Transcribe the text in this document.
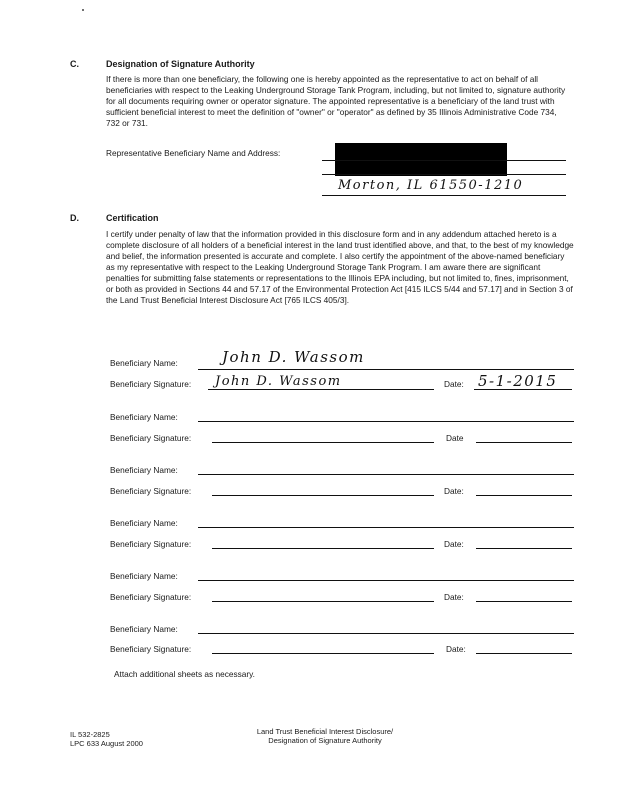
C.	Designation of Signature Authority
If there is more than one beneficiary, the following one is hereby appointed as the representative to act on behalf of all beneficiaries with respect to the Leaking Underground Storage Tank Program, including, but not limited to, signature authority for all documents requiring owner or operator signature. The appointed representative is a beneficiary of the land trust with sufficient beneficial interest to meet the definition of "owner" or "operator" as defined by 35 Illinois Administrative Code 734, 732 or 731.
Representative Beneficiary Name and Address:
Morton, IL 61550-1210
D.	Certification
I certify under penalty of law that the information provided in this disclosure form and in any addendum attached hereto is a complete disclosure of all holders of a beneficial interest in the land trust identified above, and that, to the best of my knowledge and belief, the information presented is accurate and complete. I also certify the appointment of the above-named beneficiary as my representative with respect to the Leaking Underground Storage Tank Program. I am aware there are significant penalties for submitting false statements or representations to the Illinois EPA including, but not limited to, fines, imprisonment, or both as provided in Sections 44 and 57.17 of the Environmental Protection Act [415 ILCS 5/44 and 57.17] and in Section 3 of the Land Trust Beneficial Interest Disclosure Act [765 ILCS 405/3].
Beneficiary Name:	John D. Wassom
Beneficiary Signature: John D. Wassom	Date: 5-1-2015
Beneficiary Name:
Beneficiary Signature:	Date
Beneficiary Name:
Beneficiary Signature:	Date:
Beneficiary Name:
Beneficiary Signature:	Date:
Beneficiary Name:
Beneficiary Signature:	Date:
Beneficiary Name:
Beneficiary Signature:	Date:
Attach additional sheets as necessary.
IL 532-2825
LPC 633 August 2000
Land Trust Beneficial Interest Disclosure/
Designation of Signature Authority
